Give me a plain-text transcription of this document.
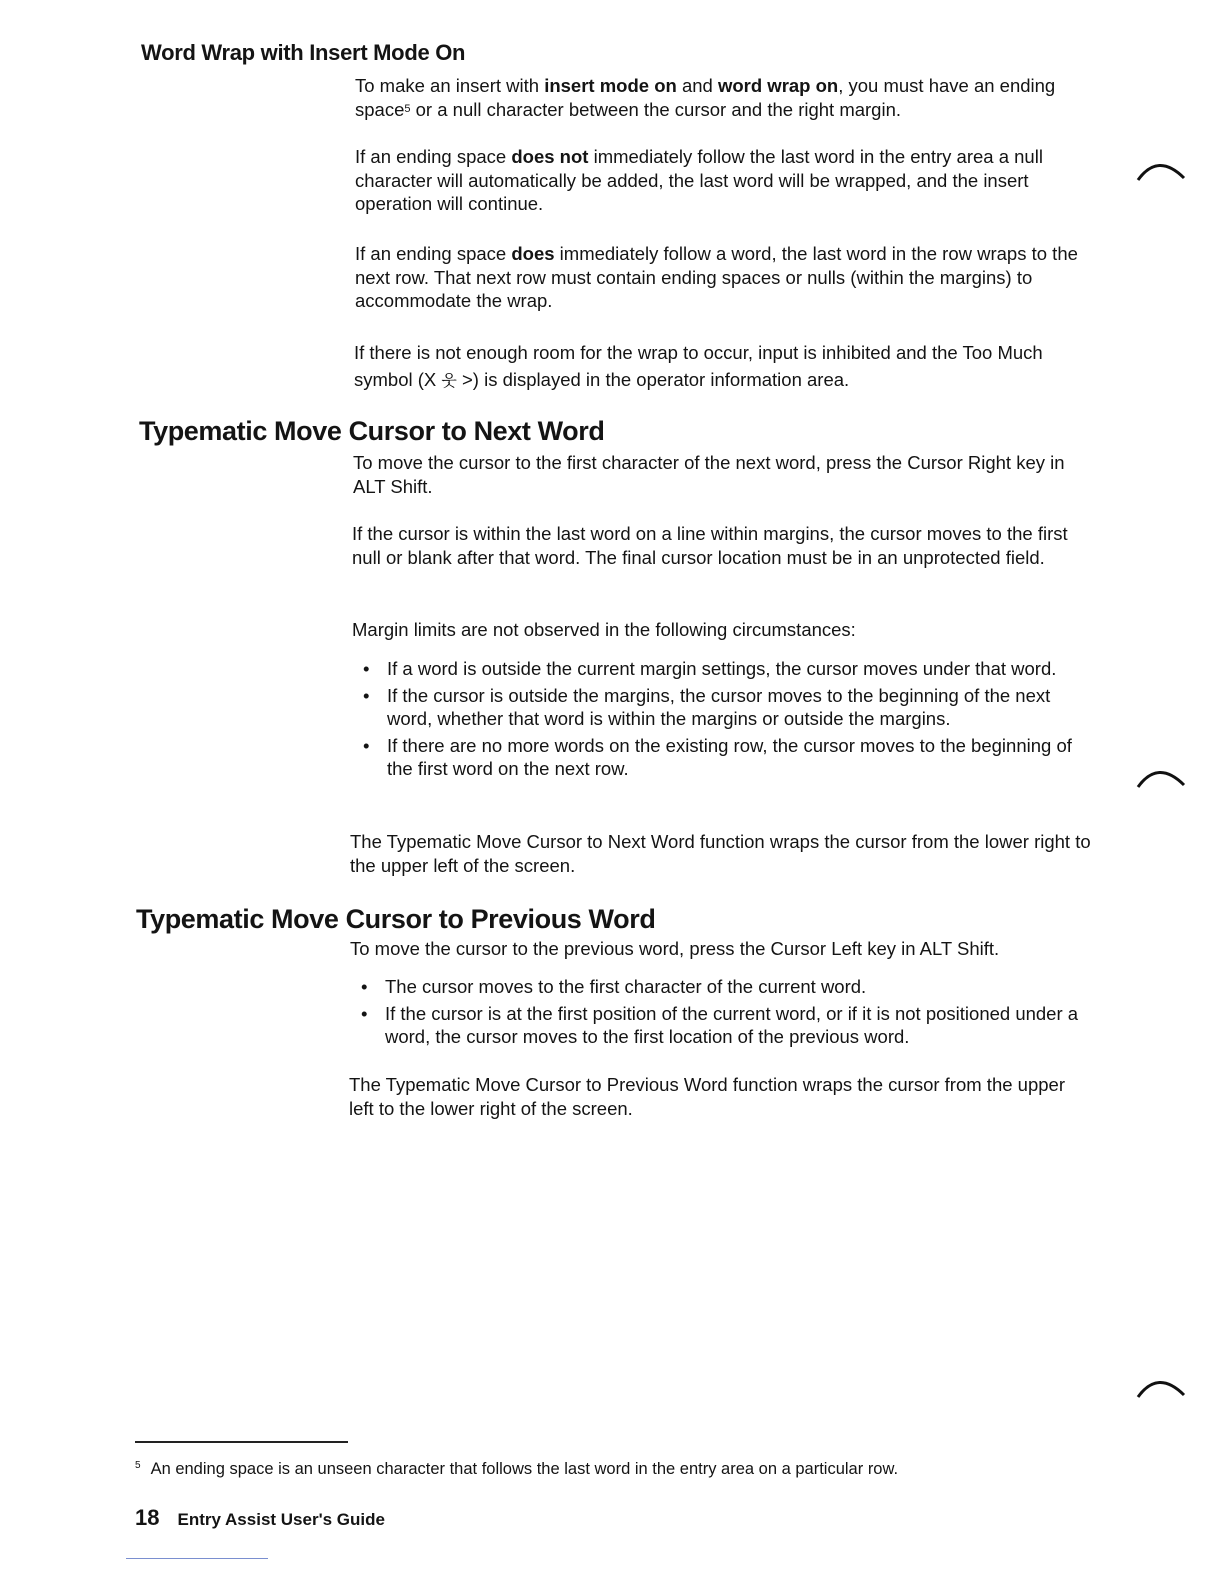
Word Wrap with Insert Mode On

To make an insert with insert mode on and word wrap on, you must have an ending space$^5$ or a null character between the cursor and the right margin.

If an ending space does not immediately follow the last word in the entry area a null character will automatically be added, the last word will be wrapped, and the insert operation will continue.

If an ending space does immediately follow a word, the last word in the row wraps to the next row. That next row must contain ending spaces or nulls (within the margins) to accommodate the wrap.

If there is not enough room for the wrap to occur, input is inhibited and the Too Much symbol (X 웃 >) is displayed in the operator information area.

Typematic Move Cursor to Next Word

To move the cursor to the first character of the next word, press the Cursor Right key in ALT Shift.

If the cursor is within the last word on a line within margins, the cursor moves to the first null or blank after that word. The final cursor location must be in an unprotected field.

Margin limits are not observed in the following circumstances:

• If a word is outside the current margin settings, the cursor moves under that word.
• If the cursor is outside the margins, the cursor moves to the beginning of the next word, whether that word is within the margins or outside the margins.
• If there are no more words on the existing row, the cursor moves to the beginning of the first word on the next row.

The Typematic Move Cursor to Next Word function wraps the cursor from the lower right to the upper left of the screen.

Typematic Move Cursor to Previous Word

To move the cursor to the previous word, press the Cursor Left key in ALT Shift.

• The cursor moves to the first character of the current word.
• If the cursor is at the first position of the current word, or if it is not positioned under a word, the cursor moves to the first location of the previous word.

The Typematic Move Cursor to Previous Word function wraps the cursor from the upper left to the lower right of the screen.

$^5$ An ending space is an unseen character that follows the last word in the entry area on a particular row.
18 Entry Assist User's Guide
